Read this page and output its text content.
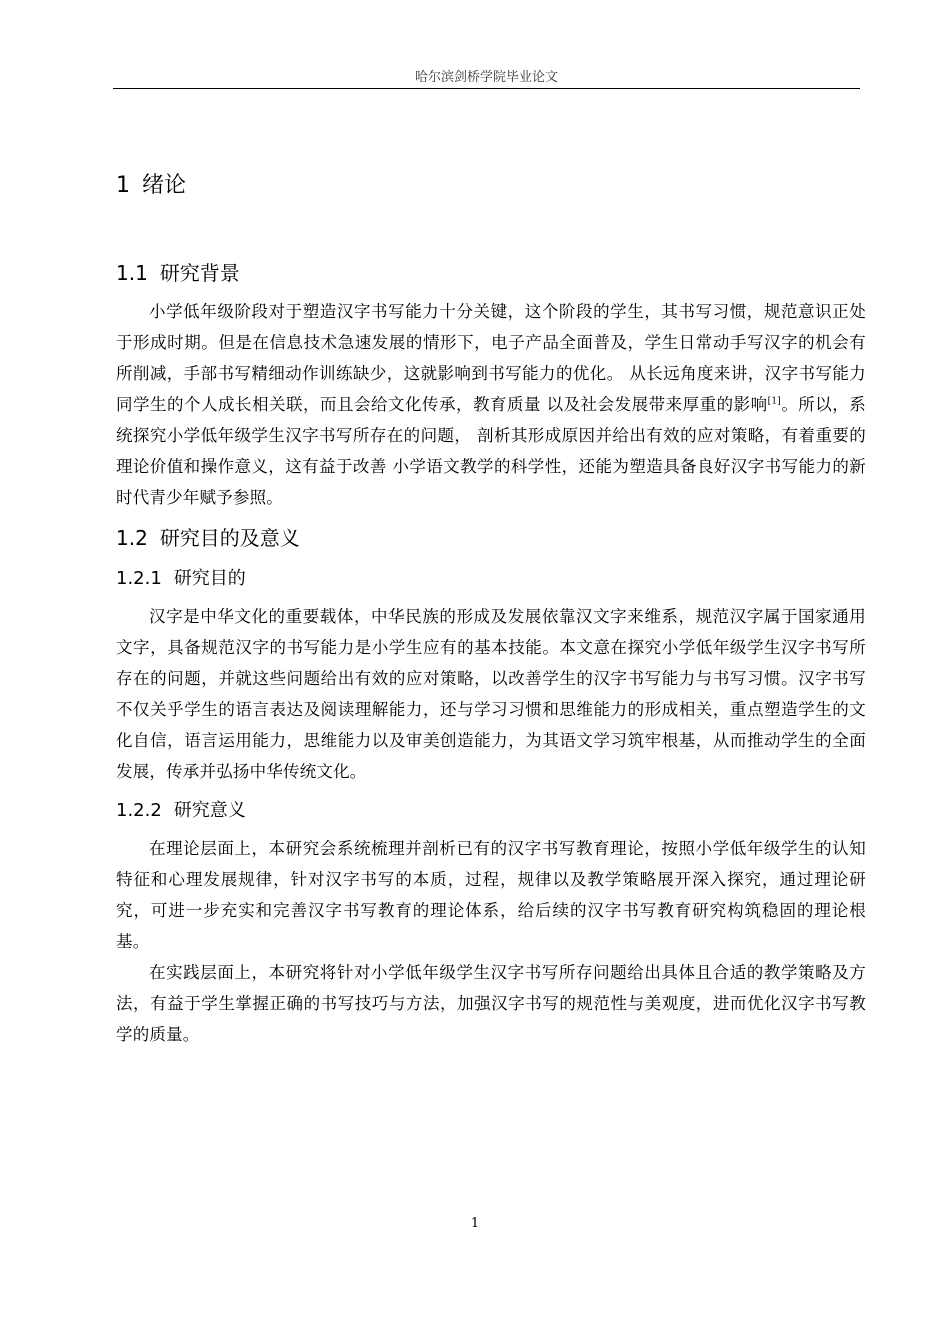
哈尔滨剑桥学院毕业论文
1 绪论
1.1 研究背景

小学低年级阶段对于塑造汉字书写能力十分关键，这个阶段的学生，其书写习惯，规范意识正处于形成时期。但是在信息技术急速发展的情形下，电子产品全面普及，学生日常动手写汉字的机会有所削减，手部书写精细动作训练缺少，这就影响到书写能力的优化。 从长远角度来讲，汉字书写能力同学生的个人成长相关联，而且会给文化传承，教育质量 以及社会发展带来厚重的影响[1]。所以，系统探究小学低年级学生汉字书写所存在的问题， 剖析其形成原因并给出有效的应对策略，有着重要的理论价值和操作意义，这有益于改善 小学语文教学的科学性，还能为塑造具备良好汉字书写能力的新时代青少年赋予参照。

1.2 研究目的及意义
1.2.1 研究目的

汉字是中华文化的重要载体，中华民族的形成及发展依靠汉文字来维系，规范汉字属于国家通用文字，具备规范汉字的书写能力是小学生应有的基本技能。本文意在探究小学低年级学生汉字书写所存在的问题，并就这些问题给出有效的应对策略，以改善学生的汉字书写能力与书写习惯。汉字书写不仅关乎学生的语言表达及阅读理解能力，还与学习习惯和思维能力的形成相关，重点塑造学生的文化自信，语言运用能力，思维能力以及审美创造能力，为其语文学习筑牢根基，从而推动学生的全面发展，传承并弘扬中华传统文化。

1.2.2 研究意义

在理论层面上，本研究会系统梳理并剖析已有的汉字书写教育理论，按照小学低年级学生的认知特征和心理发展规律，针对汉字书写的本质，过程，规律以及教学策略展开深入探究，通过理论研究，可进一步充实和完善汉字书写教育的理论体系，给后续的汉字书写教育研究构筑稳固的理论根基。

在实践层面上，本研究将针对小学低年级学生汉字书写所存问题给出具体且合适的教学策略及方法，有益于学生掌握正确的书写技巧与方法，加强汉字书写的规范性与美观度，进而优化汉字书写教学的质量。

1
